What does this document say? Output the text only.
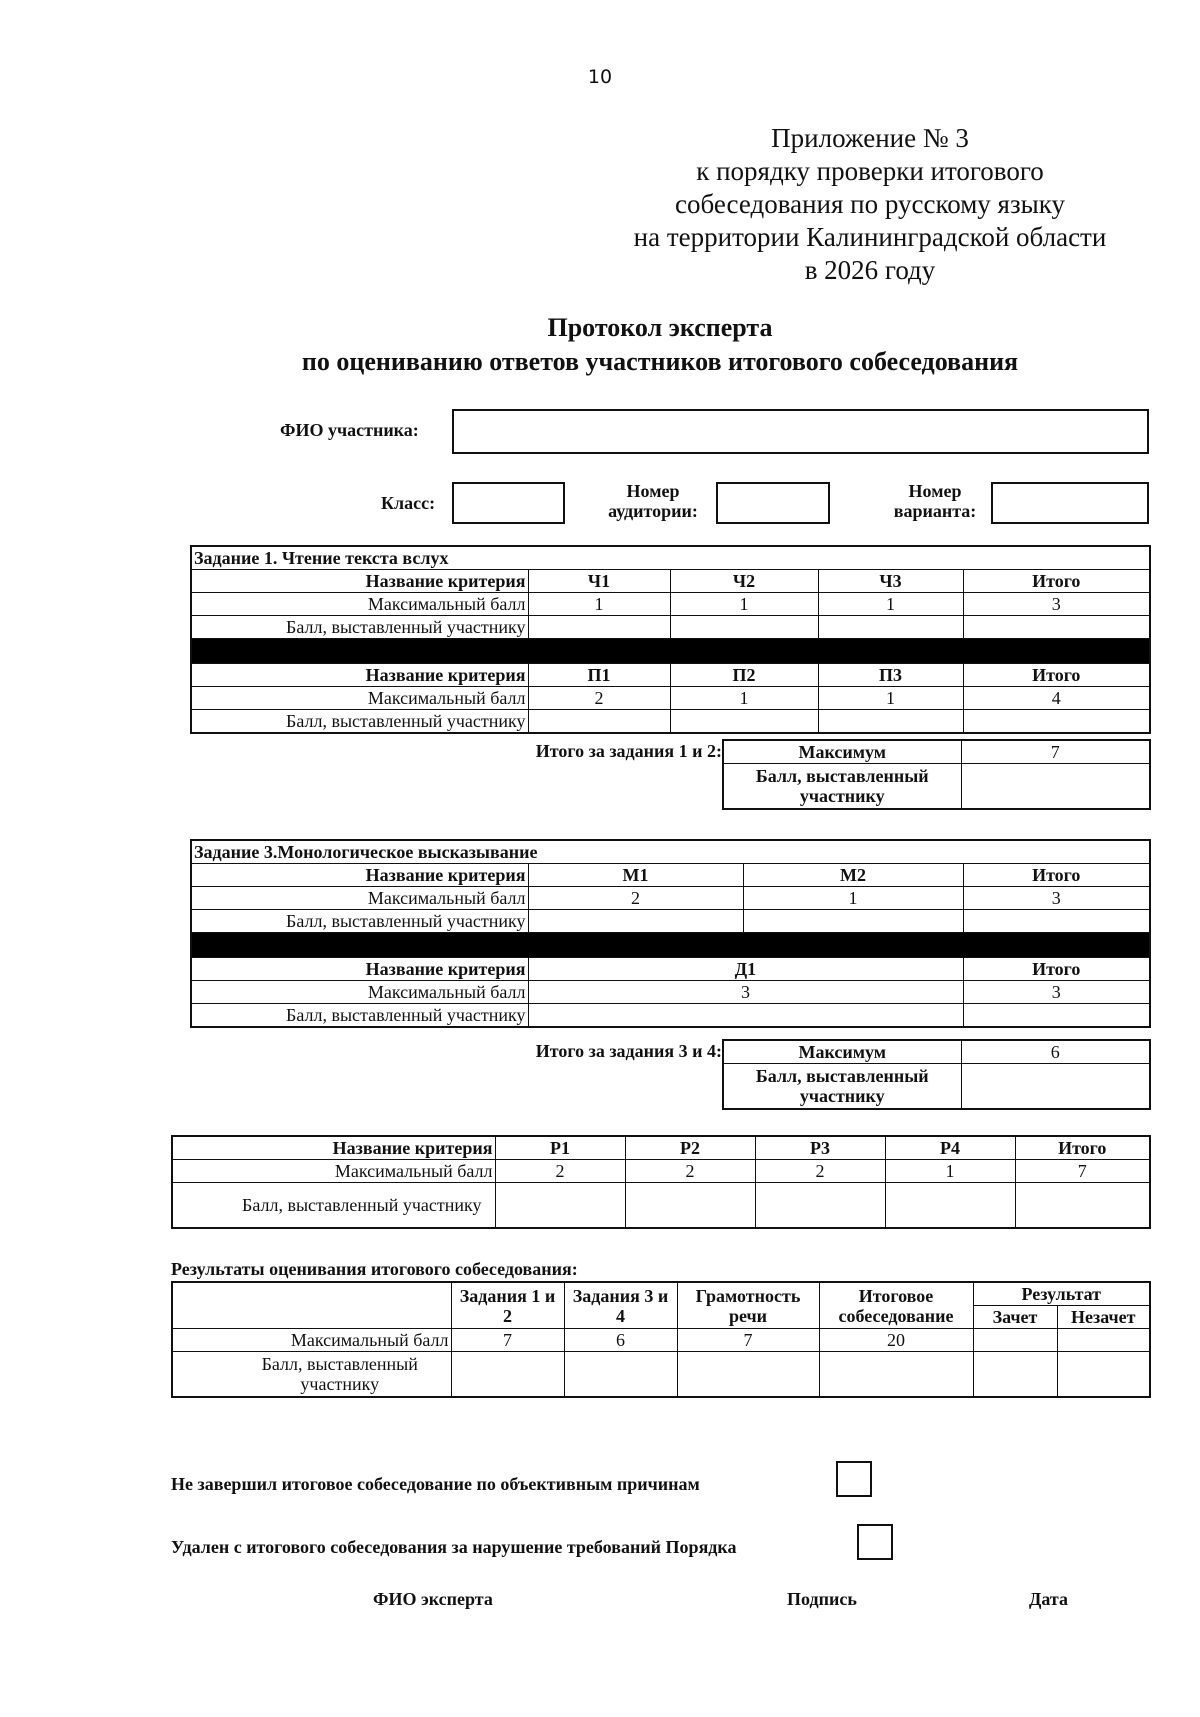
10
Приложение № 3
к порядку проверки итогового
собеседования по русскому языку
на территории Калининградской области
в 2026 году
Протокол эксперта
по оцениванию ответов участников итогового собеседования
ФИО участника:
Класс:
Номер
аудитории:
Номер
варианта:
Задание 1. Чтение текста вслух				
Название критерия	Ч1	Ч2	Ч3	Итого
Максимальный балл	1	1	1	3
Балл, выставленный участнику				

Название критерия	П1	П2	П3	Итого
Максимальный балл	2	1	1	4
Балл, выставленный участнику				
Итого за задания 1 и 2:	Максимум	7
Балл, выставленный участнику	
Задание 3.Монологическое высказывание			
Название критерия	М1	М2	Итого
Максимальный балл	2	1	3
Балл, выставленный участнику			

Название критерия	Д1		Итого
Максимальный балл	3		3
Балл, выставленный участнику			
Итого за задания 3 и 4:	Максимум	6
Балл, выставленный участнику	
Название критерия	Р1	Р2	Р3	Р4	Итого
Максимальный балл	2	2	2	1	7
Балл, выставленный участнику					
Результаты оценивания итогового собеседования:
	Задания 1 и 2	Задания 3 и 4	Грамотность речи	Итоговое собеседование	Результат	
					Зачет	Незачет
Максимальный балл	7	6	7	20		
Балл, выставленный участнику						
Не завершил итоговое собеседование по объективным причинам
Удален с итогового собеседования за нарушение требований Порядка
ФИО эксперта	Подпись	Дата
